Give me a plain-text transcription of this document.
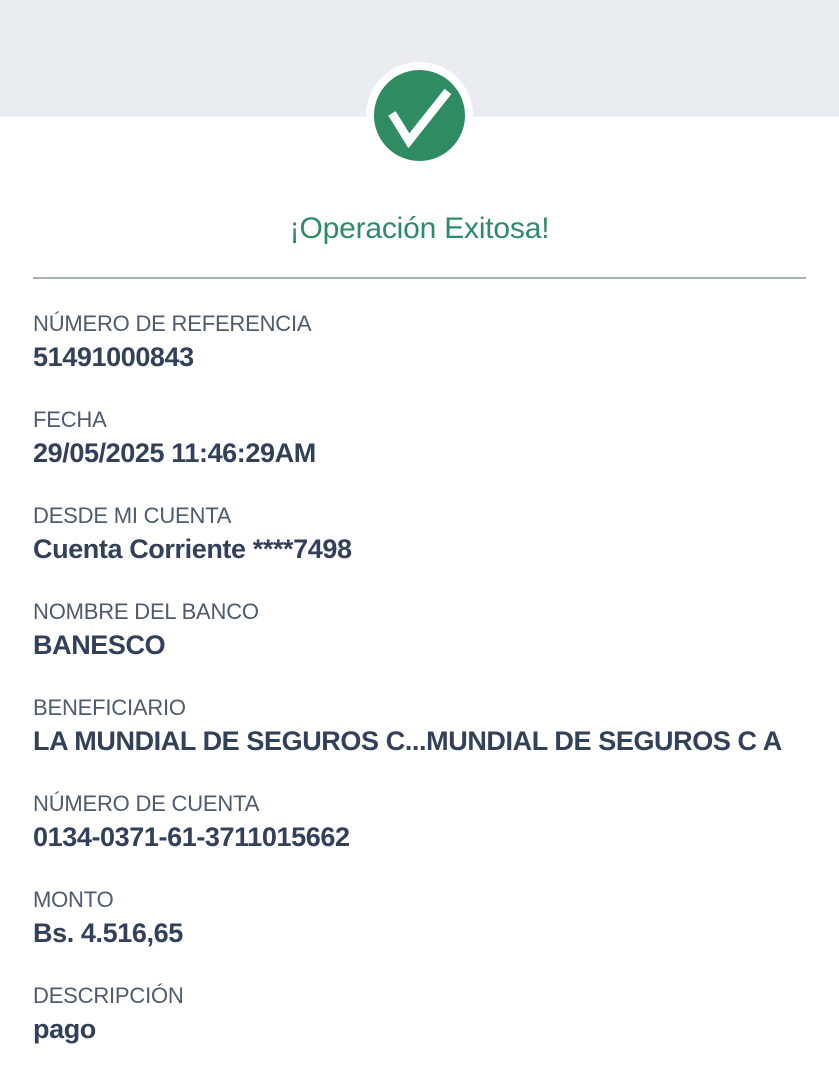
¡Operación Exitosa!
NÚMERO DE REFERENCIA
51491000843
FECHA
29/05/2025 11:46:29AM
DESDE MI CUENTA
Cuenta Corriente ****7498
NOMBRE DEL BANCO
BANESCO
BENEFICIARIO
LA MUNDIAL DE SEGUROS C...MUNDIAL DE SEGUROS C A
NÚMERO DE CUENTA
0134-0371-61-3711015662
MONTO
Bs. 4.516,65
DESCRIPCIÓN
pago
